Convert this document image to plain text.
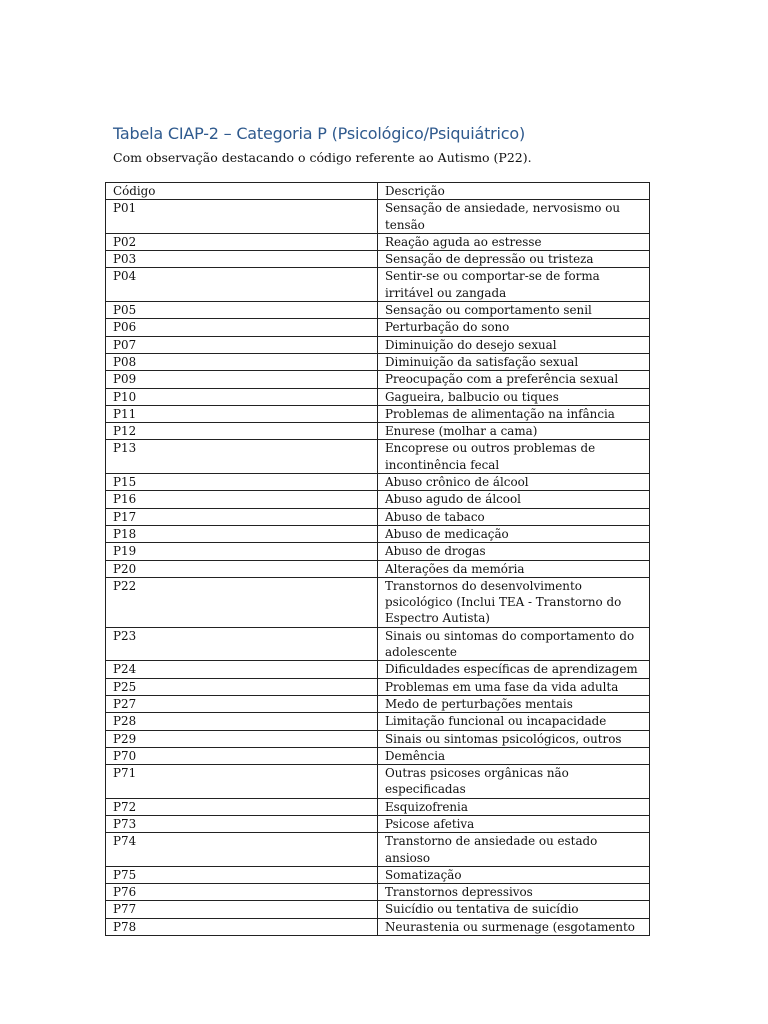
Tabela CIAP-2 – Categoria P (Psicológico/Psiquiátrico)

Com observação destacando o código referente ao Autismo (P22).

Código	Descrição
P01	Sensação de ansiedade, nervosismo ou tensão
P02	Reação aguda ao estresse
P03	Sensação de depressão ou tristeza
P04	Sentir-se ou comportar-se de forma irritável ou zangada
P05	Sensação ou comportamento senil
P06	Perturbação do sono
P07	Diminuição do desejo sexual
P08	Diminuição da satisfação sexual
P09	Preocupação com a preferência sexual
P10	Gagueira, balbucio ou tiques
P11	Problemas de alimentação na infância
P12	Enurese (molhar a cama)
P13	Encoprese ou outros problemas de incontinência fecal
P15	Abuso crônico de álcool
P16	Abuso agudo de álcool
P17	Abuso de tabaco
P18	Abuso de medicação
P19	Abuso de drogas
P20	Alterações da memória
P22	Transtornos do desenvolvimento psicológico (Inclui TEA - Transtorno do Espectro Autista)
P23	Sinais ou sintomas do comportamento do adolescente
P24	Dificuldades específicas de aprendizagem
P25	Problemas em uma fase da vida adulta
P27	Medo de perturbações mentais
P28	Limitação funcional ou incapacidade
P29	Sinais ou sintomas psicológicos, outros
P70	Demência
P71	Outras psicoses orgânicas não especificadas
P72	Esquizofrenia
P73	Psicose afetiva
P74	Transtorno de ansiedade ou estado ansioso
P75	Somatização
P76	Transtornos depressivos
P77	Suicídio ou tentativa de suicídio
P78	Neurastenia ou surmenage (esgotamento
